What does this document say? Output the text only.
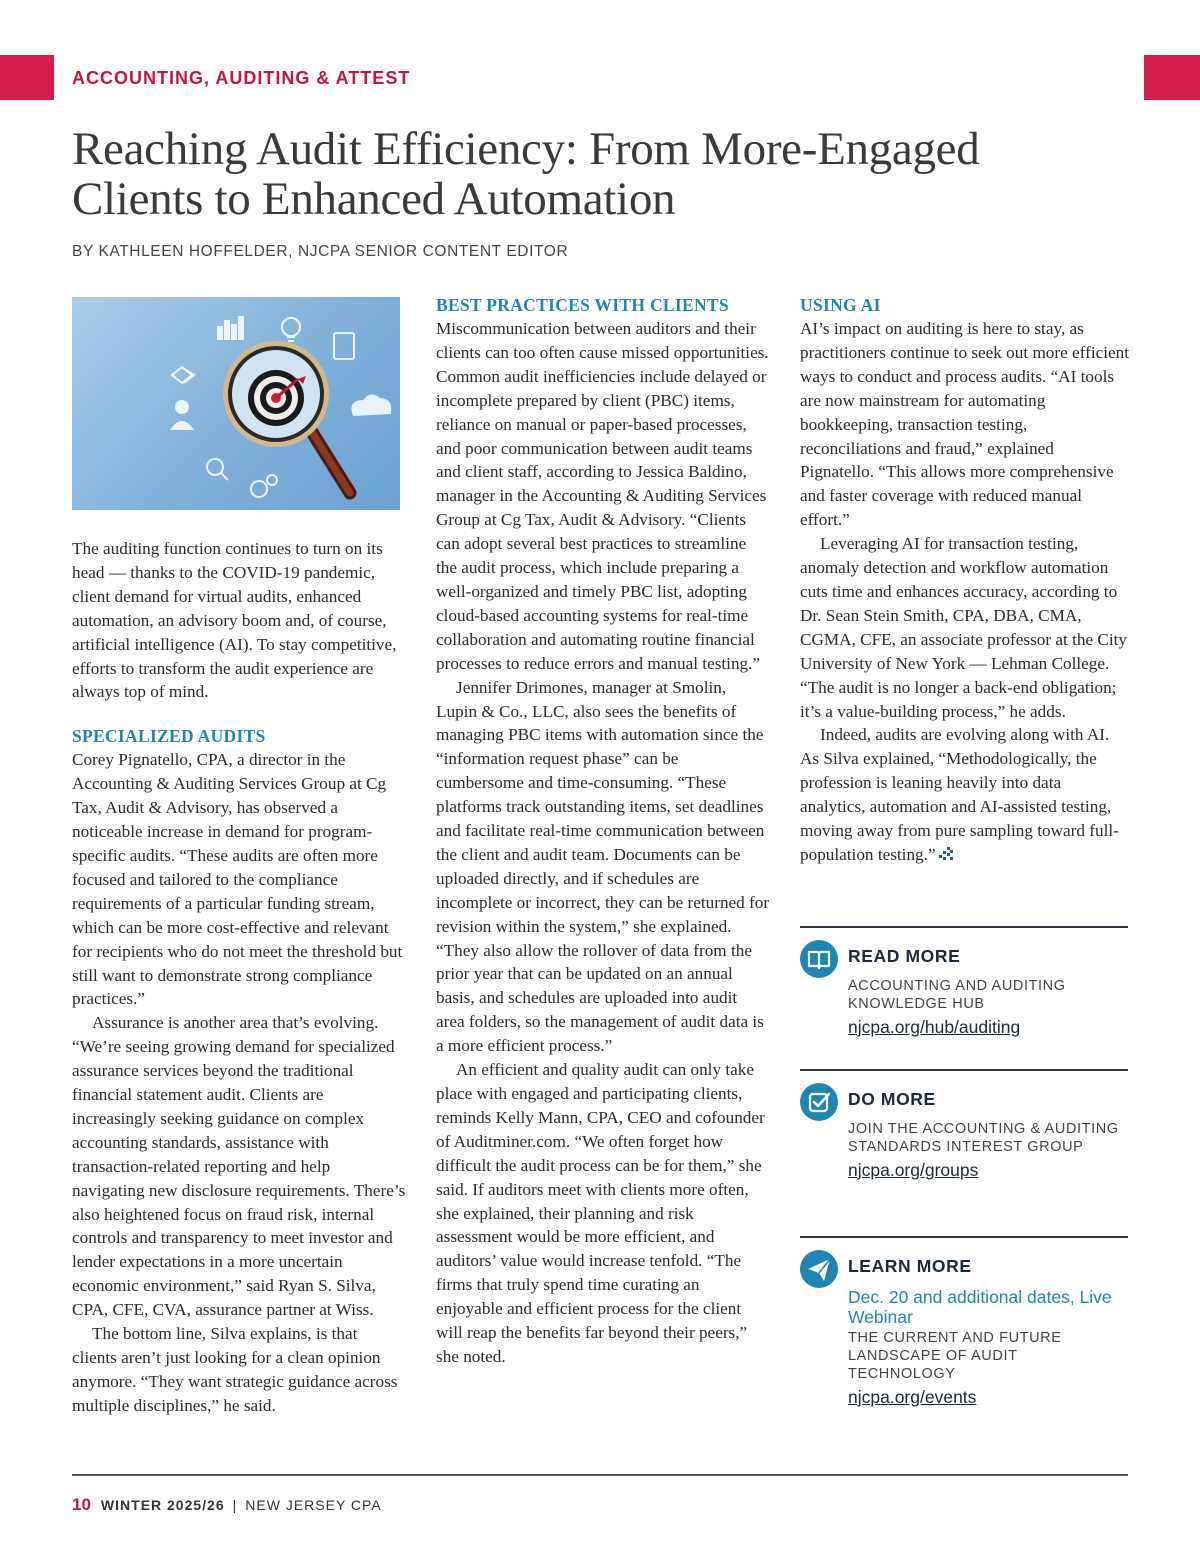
ACCOUNTING, AUDITING & ATTEST
Reaching Audit Efficiency: From More-Engaged
Clients to Enhanced Automation
BY KATHLEEN HOFFELDER, NJCPA SENIOR CONTENT EDITOR

The auditing function continues to turn on its head — thanks to the COVID-19 pandemic, client demand for virtual audits, enhanced automation, an advisory boom and, of course, artificial intelligence (AI). To stay competitive, efforts to transform the audit experience are always top of mind.

SPECIALIZED AUDITS

Corey Pignatello, CPA, a director in the Accounting & Auditing Services Group at Cg Tax, Audit & Advisory, has observed a noticeable increase in demand for program-specific audits. “These audits are often more focused and tailored to the compliance requirements of a particular funding stream, which can be more cost-effective and relevant for recipients who do not meet the threshold but still want to demonstrate strong compliance practices.”

Assurance is another area that’s evolving. “We’re seeing growing demand for specialized assurance services beyond the traditional financial statement audit. Clients are increasingly seeking guidance on complex accounting standards, assistance with transaction-related reporting and help navigating new disclosure requirements. There’s also heightened focus on fraud risk, internal controls and transparency to meet investor and lender expectations in a more uncertain economic environment,” said Ryan S. Silva, CPA, CFE, CVA, assurance partner at Wiss.

The bottom line, Silva explains, is that clients aren’t just looking for a clean opinion anymore. “They want strategic guidance across multiple disciplines,” he said.

BEST PRACTICES WITH CLIENTS

Miscommunication between auditors and their clients can too often cause missed opportunities. Common audit inefficiencies include delayed or incomplete prepared by client (PBC) items, reliance on manual or paper-based processes, and poor communication between audit teams and client staff, according to Jessica Baldino, manager in the Accounting & Auditing Services Group at Cg Tax, Audit & Advisory. “Clients can adopt several best practices to streamline the audit process, which include preparing a well-organized and timely PBC list, adopting cloud-based accounting systems for real-time collaboration and automating routine financial processes to reduce errors and manual testing.”

Jennifer Drimones, manager at Smolin, Lupin & Co., LLC, also sees the benefits of managing PBC items with automation since the “information request phase” can be cumbersome and time-consuming. “These platforms track outstanding items, set deadlines and facilitate real-time communication between the client and audit team. Documents can be uploaded directly, and if schedules are incomplete or incorrect, they can be returned for revision within the system,” she explained. “They also allow the rollover of data from the prior year that can be updated on an annual basis, and schedules are uploaded into audit area folders, so the management of audit data is a more efficient process.”

An efficient and quality audit can only take place with engaged and participating clients, reminds Kelly Mann, CPA, CEO and cofounder of Auditminer.com. “We often forget how difficult the audit process can be for them,” she said. If auditors meet with clients more often, she explained, their planning and risk assessment would be more efficient, and auditors’ value would increase tenfold. “The firms that truly spend time curating an enjoyable and efficient process for the client will reap the benefits far beyond their peers,” she noted.

USING AI

AI’s impact on auditing is here to stay, as practitioners continue to seek out more efficient ways to conduct and process audits. “AI tools are now mainstream for automating bookkeeping, transaction testing, reconciliations and fraud,” explained Pignatello. “This allows more comprehensive and faster coverage with reduced manual effort.”

Leveraging AI for transaction testing, anomaly detection and workflow automation cuts time and enhances accuracy, according to Dr. Sean Stein Smith, CPA, DBA, CMA, CGMA, CFE, an associate professor at the City University of New York — Lehman College. “The audit is no longer a back-end obligation; it’s a value-building process,” he adds.

Indeed, audits are evolving along with AI. As Silva explained, “Methodologically, the profession is leaning heavily into data analytics, automation and AI-assisted testing, moving away from pure sampling toward full-population testing.”

READ MORE

ACCOUNTING AND AUDITING KNOWLEDGE HUB

njcpa.org/hub/auditing
DO MORE

JOIN THE ACCOUNTING & AUDITING STANDARDS INTEREST GROUP

njcpa.org/groups
LEARN MORE

Dec. 20 and additional dates, Live Webinar

THE CURRENT AND FUTURE LANDSCAPE OF AUDIT TECHNOLOGY

njcpa.org/events
10 WINTER 2025/26 | NEW JERSEY CPA
